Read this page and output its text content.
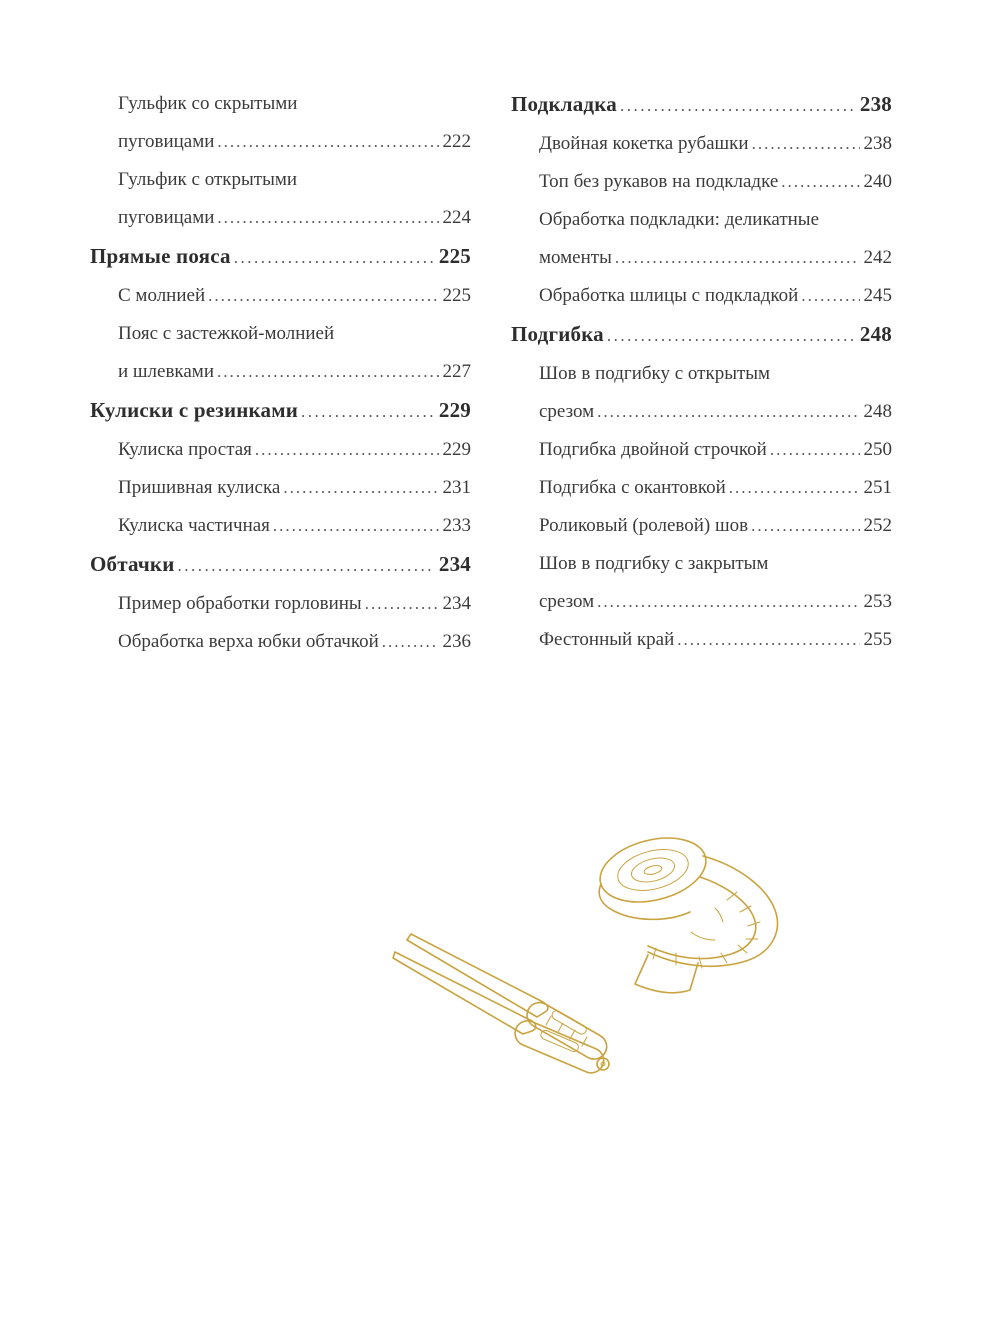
Гульфик со скрытыми
пуговицами .....	222
Гульфик с открытыми
пуговицами .....	224
Прямые пояса .....	225
С молнией .....	225
Пояс с застежкой-молнией
и шлевками .....	227
Кулиски с резинками .....	229
Кулиска простая .....	229
Пришивная кулиска .....	231
Кулиска частичная .....	233
Обтачки .....	234
Пример обработки горловины .....	234
Обработка верха юбки обтачкой .....	236
Подкладка .....	238
Двойная кокетка рубашки .....	238
Топ без рукавов на подкладке .....	240
Обработка подкладки: деликатные
моменты .....	242
Обработка шлицы с подкладкой .....	245
Подгибка .....	248
Шов в подгибку с открытым
срезом .....	248
Подгибка двойной строчкой .....	250
Подгибка с окантовкой .....	251
Роликовый (ролевой) шов .....	252
Шов в подгибку с закрытым
срезом .....	253
Фестонный край .....	255
